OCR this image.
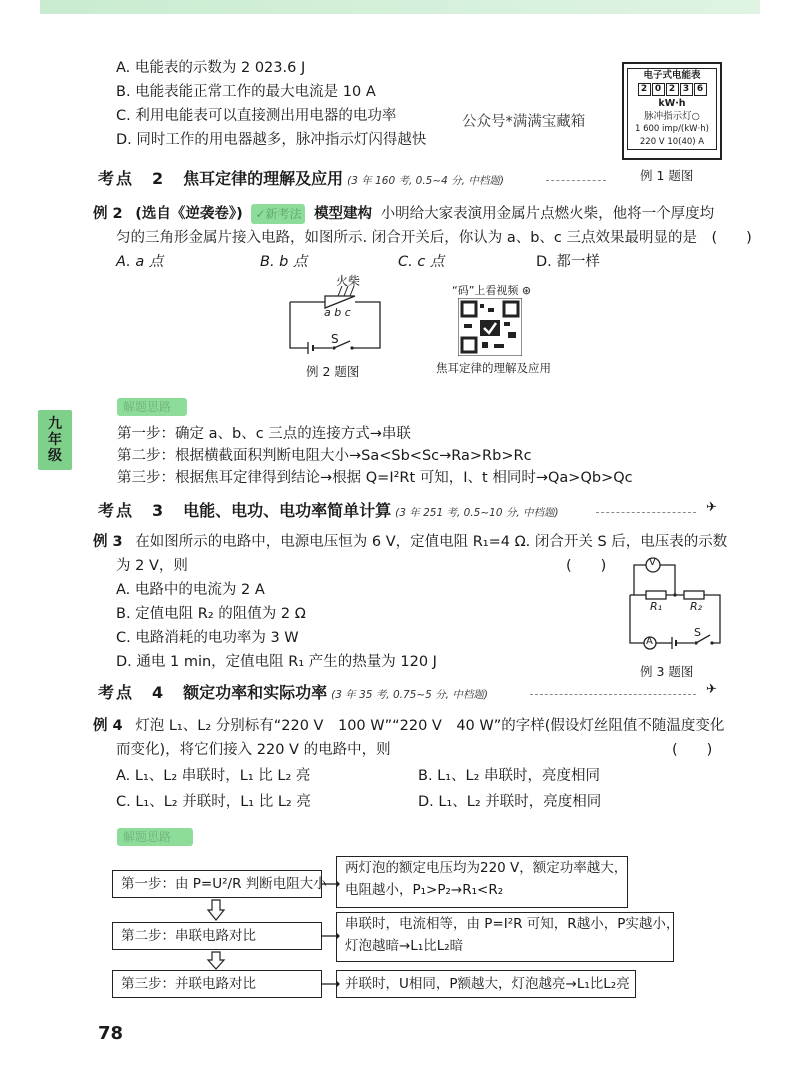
A. 电能表的示数为 2 023.6 J
B. 电能表能正常工作的最大电流是 10 A
C. 利用电能表可以直接测出用电器的电功率
D. 同时工作的用电器越多，脉冲指示灯闪得越快
公众号*满满宝藏箱
电子式电能表
2 0 2 3 6
kW·h
脉冲指示灯○
1 600 imp/(kW·h)
220 V 10(40) A
例 1 题图
考点　2 焦耳定律的理解及应用 (3 年 160 考, 0.5~4 分, 中档题)
例 2 (选自《逆袭卷》) ✓新考法 模型建构 小明给大家表演用金属片点燃火柴，他将一个厚度均
匀的三角形金属片接入电路，如图所示. 闭合开关后，你认为 a、b、c 三点效果最明显的是　(　　)
A. a 点	B. b 点	C. c 点	D. 都一样
火柴
a b c
S
例 2 题图
“码”上看视频 ⊛
焦耳定律的理解及应用
解题思路
九
年
级
第一步：确定 a、b、c 三点的连接方式→串联
第二步：根据横截面积判断电阻大小→Sa<Sb<Sc→Ra>Rb>Rc
第三步：根据焦耳定律得到结论→根据 Q=I²Rt 可知，I、t 相同时→Qa>Qb>Qc
考点　3 电能、电功、电功率简单计算 (3 年 251 考, 0.5~10 分, 中档题)	✈
例 3 在如图所示的电路中，电源电压恒为 6 V，定值电阻 R₁=4 Ω. 闭合开关 S 后，电压表的示数
为 2 V，则	(　　)
A. 电路中的电流为 2 A
B. 定值电阻 R₂ 的阻值为 2 Ω
C. 电路消耗的电功率为 3 W
D. 通电 1 min，定值电阻 R₁ 产生的热量为 120 J
V
A
R₁	R₂
S
例 3 题图
考点　4 额定功率和实际功率 (3 年 35 考, 0.75~5 分, 中档题)	✈
例 4 灯泡 L₁、L₂ 分别标有“220 V　100 W”“220 V　40 W”的字样(假设灯丝阻值不随温度变化
而变化)，将它们接入 220 V 的电路中，则	(　　)
A. L₁、L₂ 串联时，L₁ 比 L₂ 亮	B. L₁、L₂ 串联时，亮度相同
C. L₁、L₂ 并联时，L₁ 比 L₂ 亮	D. L₁、L₂ 并联时，亮度相同
解题思路
第一步：由 P=U²/R 判断电阻大小
第二步：串联电路对比
第三步：并联电路对比
两灯泡的额定电压均为220 V，额定功率越大，
电阻越小，P₁>P₂→R₁<R₂
串联时，电流相等，由 P=I²R 可知，R越小，P实越小，
灯泡越暗→L₁比L₂暗
并联时，U相同，P额越大，灯泡越亮→L₁比L₂亮
78
